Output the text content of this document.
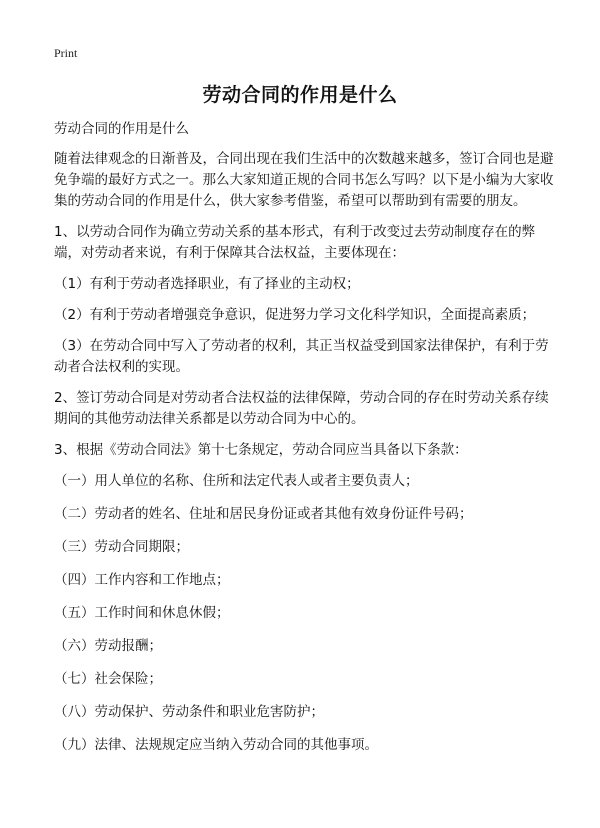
Print
劳动合同的作用是什么

劳动合同的作用是什么

随着法律观念的日渐普及，合同出现在我们生活中的次数越来越多，签订合同也是避免争端的最好方式之一。那么大家知道正规的合同书怎么写吗？以下是小编为大家收集的劳动合同的作用是什么，供大家参考借鉴，希望可以帮助到有需要的朋友。

1、以劳动合同作为确立劳动关系的基本形式，有利于改变过去劳动制度存在的弊端，对劳动者来说，有利于保障其合法权益，主要体现在：

（1）有利于劳动者选择职业，有了择业的主动权；

（2）有利于劳动者增强竞争意识，促进努力学习文化科学知识，全面提高素质；

（3）在劳动合同中写入了劳动者的权利，其正当权益受到国家法律保护，有利于劳动者合法权利的实现。

2、签订劳动合同是对劳动者合法权益的法律保障，劳动合同的存在时劳动关系存续期间的其他劳动法律关系都是以劳动合同为中心的。

3、根据《劳动合同法》第十七条规定，劳动合同应当具备以下条款：

（一）用人单位的名称、住所和法定代表人或者主要负责人；

（二）劳动者的姓名、住址和居民身份证或者其他有效身份证件号码；

（三）劳动合同期限；

（四）工作内容和工作地点；

（五）工作时间和休息休假；

（六）劳动报酬；

（七）社会保险；

（八）劳动保护、劳动条件和职业危害防护；

（九）法律、法规规定应当纳入劳动合同的其他事项。
